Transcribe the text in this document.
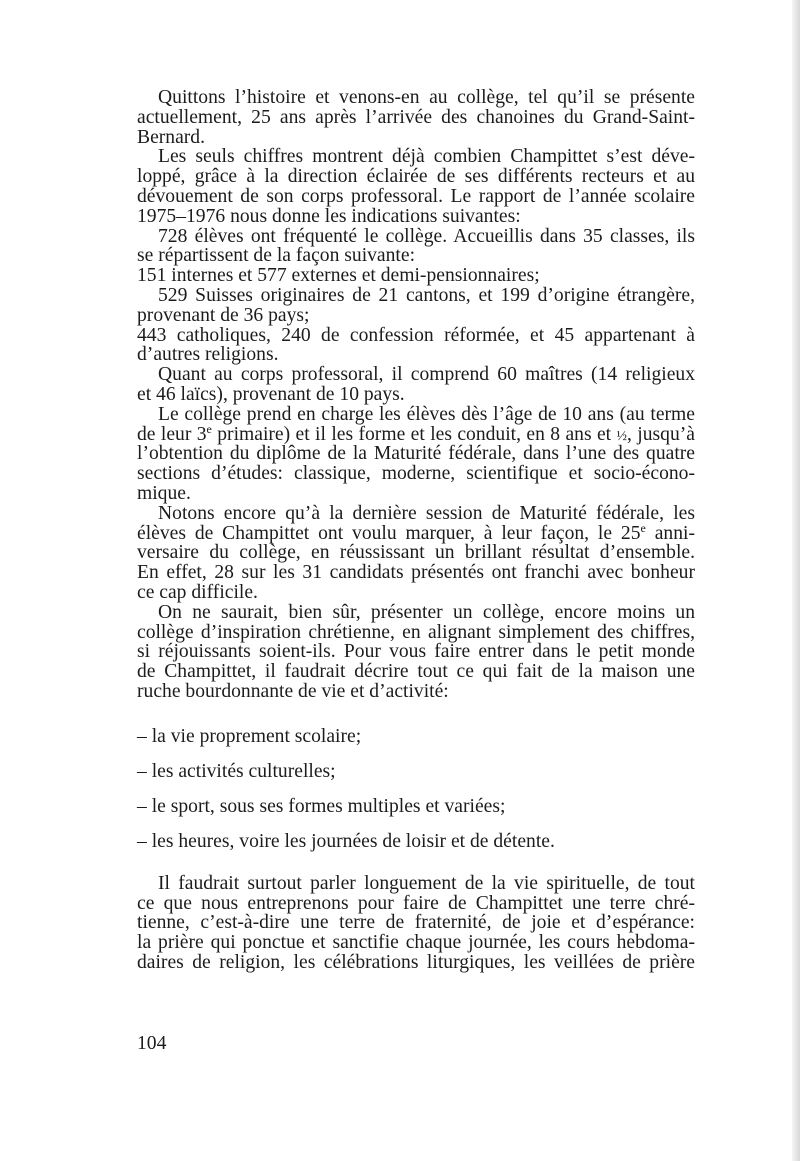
Quittons l’histoire et venons-en au collège, tel qu’il se présente
actuellement, 25 ans après l’arrivée des chanoines du Grand-Saint-
Bernard.
Les seuls chiffres montrent déjà combien Champittet s’est déve-
loppé, grâce à la direction éclairée de ses différents recteurs et au
dévouement de son corps professoral. Le rapport de l’année scolaire
1975–1976 nous donne les indications suivantes:
728 élèves ont fréquenté le collège. Accueillis dans 35 classes, ils
se répartissent de la façon suivante:
151 internes et 577 externes et demi-pensionnaires;
529 Suisses originaires de 21 cantons, et 199 d’origine étrangère,
provenant de 36 pays;
443 catholiques, 240 de confession réformée, et 45 appartenant à
d’autres religions.
Quant au corps professoral, il comprend 60 maîtres (14 religieux
et 46 laïcs), provenant de 10 pays.
Le collège prend en charge les élèves dès l’âge de 10 ans (au terme
de leur 3e primaire) et il les forme et les conduit, en 8 ans et ½, jusqu’à
l’obtention du diplôme de la Maturité fédérale, dans l’une des quatre
sections d’études: classique, moderne, scientifique et socio-écono-
mique.
Notons encore qu’à la dernière session de Maturité fédérale, les
élèves de Champittet ont voulu marquer, à leur façon, le 25e anni-
versaire du collège, en réussissant un brillant résultat d’ensemble.
En effet, 28 sur les 31 candidats présentés ont franchi avec bonheur
ce cap difficile.
On ne saurait, bien sûr, présenter un collège, encore moins un
collège d’inspiration chrétienne, en alignant simplement des chiffres,
si réjouissants soient-ils. Pour vous faire entrer dans le petit monde
de Champittet, il faudrait décrire tout ce qui fait de la maison une
ruche bourdonnante de vie et d’activité:
– la vie proprement scolaire;
– les activités culturelles;
– le sport, sous ses formes multiples et variées;
– les heures, voire les journées de loisir et de détente.
Il faudrait surtout parler longuement de la vie spirituelle, de tout
ce que nous entreprenons pour faire de Champittet une terre chré-
tienne, c’est-à-dire une terre de fraternité, de joie et d’espérance:
la prière qui ponctue et sanctifie chaque journée, les cours hebdoma-
daires de religion, les célébrations liturgiques, les veillées de prière
104
